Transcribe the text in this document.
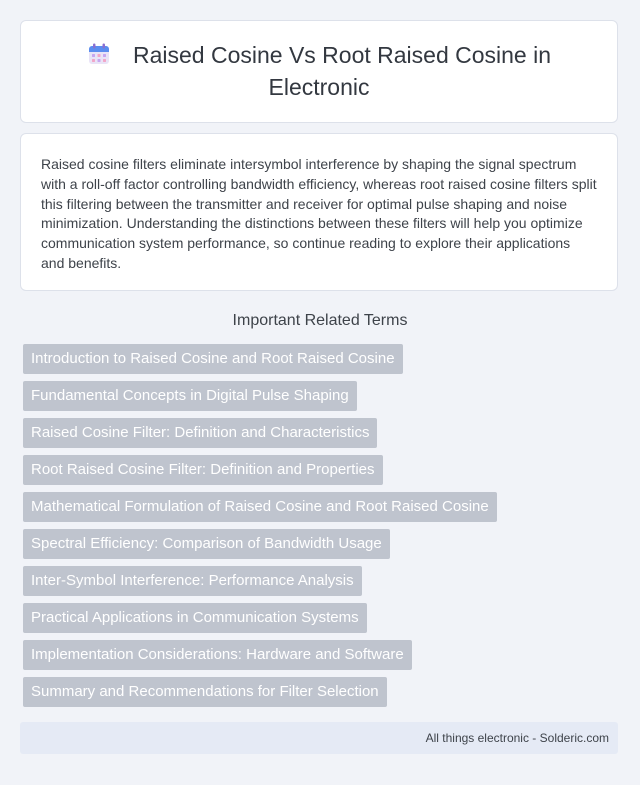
Raised Cosine Vs Root Raised Cosine in Electronic

Raised cosine filters eliminate intersymbol interference by shaping the signal spectrum with a roll-off factor controlling bandwidth efficiency, whereas root raised cosine filters split this filtering between the transmitter and receiver for optimal pulse shaping and noise minimization. Understanding the distinctions between these filters will help you optimize communication system performance, so continue reading to explore their applications and benefits.

Important Related Terms
Introduction to Raised Cosine and Root Raised Cosine
Fundamental Concepts in Digital Pulse Shaping
Raised Cosine Filter: Definition and Characteristics
Root Raised Cosine Filter: Definition and Properties
Mathematical Formulation of Raised Cosine and Root Raised Cosine
Spectral Efficiency: Comparison of Bandwidth Usage
Inter-Symbol Interference: Performance Analysis
Practical Applications in Communication Systems
Implementation Considerations: Hardware and Software
Summary and Recommendations for Filter Selection
All things electronic - Solderic.com
